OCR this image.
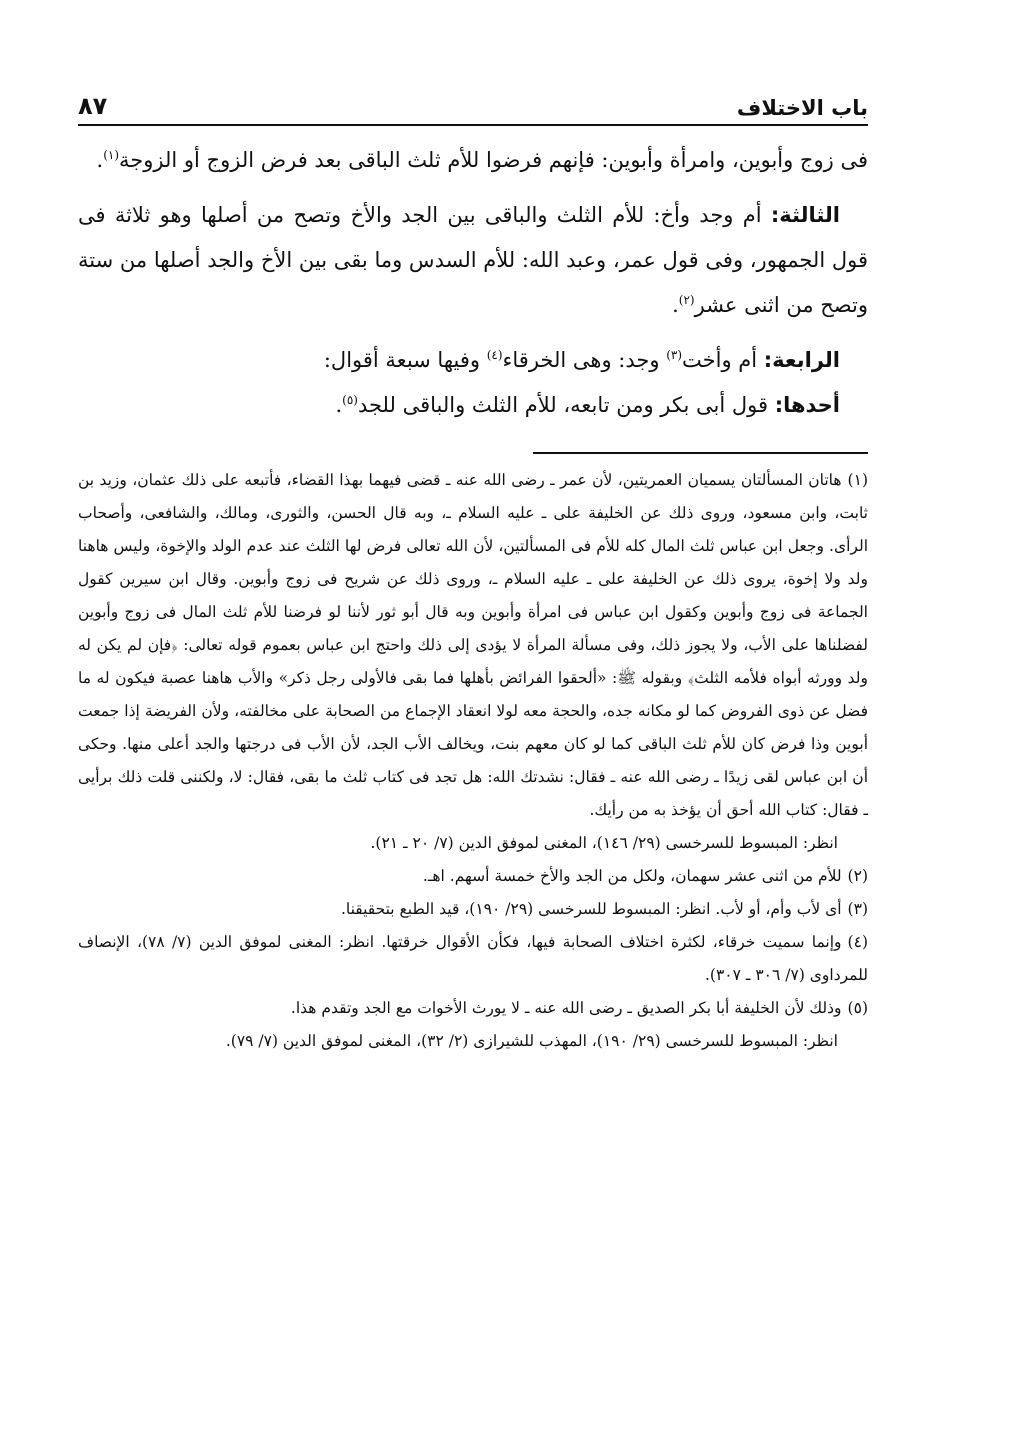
باب الاختلاف
٨٧

فى زوج وأبوين، وامرأة وأبوين: فإنهم فرضوا للأم ثلث الباقى بعد فرض الزوج أو الزوجة$^{(١)}$.

الثالثة: أم وجد وأخ: للأم الثلث والباقى بين الجد والأخ وتصح من أصلها وهو ثلاثة فى قول الجمهور، وفى قول عمر، وعبد الله: للأم السدس وما بقى بين الأخ والجد أصلها من ستة وتصح من اثنى عشر$^{(٢)}$.

الرابعة: أم وأخت$^{(٣)}$ وجد: وهى الخرقاء$^{(٤)}$ وفيها سبعة أقوال:

أحدها: قول أبى بكر ومن تابعه، للأم الثلث والباقى للجد$^{(٥)}$.

(١)هاتان المسألتان يسميان العمريتين، لأن عمر ـ رضى الله عنه ـ قضى فيهما بهذا القضاء، فأتبعه على ذلك عثمان، وزيد بن ثابت، وابن مسعود، وروى ذلك عن الخليفة على ـ عليه السلام ـ، وبه قال الحسن، والثورى، ومالك، والشافعى، وأصحاب الرأى. وجعل ابن عباس ثلث المال كله للأم فى المسألتين، لأن الله تعالى فرض لها الثلث عند عدم الولد والإخوة، وليس هاهنا ولد ولا إخوة، يروى ذلك عن الخليفة على ـ عليه السلام ـ، وروى ذلك عن شريح فى زوج وأبوين. وقال ابن سيرين كقول الجماعة فى زوج وأبوين وكقول ابن عباس فى امرأة وأبوين وبه قال أبو ثور لأننا لو فرضنا للأم ثلث المال فى زوج وأبوين لفضلناها على الأب، ولا يجوز ذلك، وفى مسألة المرأة لا يؤدى إلى ذلك واحتج ابن عباس بعموم قوله تعالى: ﴿فإن لم يكن له ولد وورثه أبواه فلأمه الثلث﴾ وبقوله ﷺ: «ألحقوا الفرائض بأهلها فما بقى فالأولى رجل ذكر» والأب هاهنا عصبة فيكون له ما فضل عن ذوى الفروض كما لو مكانه جده، والحجة معه لولا انعقاد الإجماع من الصحابة على مخالفته، ولأن الفريضة إذا جمعت أبوين وذا فرض كان للأم ثلث الباقى كما لو كان معهم بنت، ويخالف الأب الجد، لأن الأب فى درجتها والجد أعلى منها. وحكى أن ابن عباس لقى زيدًا ـ رضى الله عنه ـ فقال: نشدتك الله: هل تجد فى كتاب ثلث ما بقى، فقال: لا، ولكننى قلت ذلك برأيى ـ فقال: كتاب الله أحق أن يؤخذ به من رأيك.

انظر: المبسوط للسرخسى (٢٩/ ١٤٦)، المغنى لموفق الدين (٧/ ٢٠ ـ ٢١).

(٢)للأم من اثنى عشر سهمان، ولكل من الجد والأخ خمسة أسهم. اهـ.

(٣)أى لأب وأم، أو لأب. انظر: المبسوط للسرخسى (٢٩/ ١٩٠)، قيد الطبع بتحقيقنا.

(٤)وإنما سميت خرقاء، لكثرة اختلاف الصحابة فيها، فكأن الأقوال خرقتها. انظر: المغنى لموفق الدين (٧/ ٧٨)، الإنصاف للمرداوى (٧/ ٣٠٦ ـ ٣٠٧).

(٥)وذلك لأن الخليفة أبا بكر الصديق ـ رضى الله عنه ـ لا يورث الأخوات مع الجد وتقدم هذا.

انظر: المبسوط للسرخسى (٢٩/ ١٩٠)، المهذب للشيرازى (٢/ ٣٢)، المغنى لموفق الدين (٧/ ٧٩).
